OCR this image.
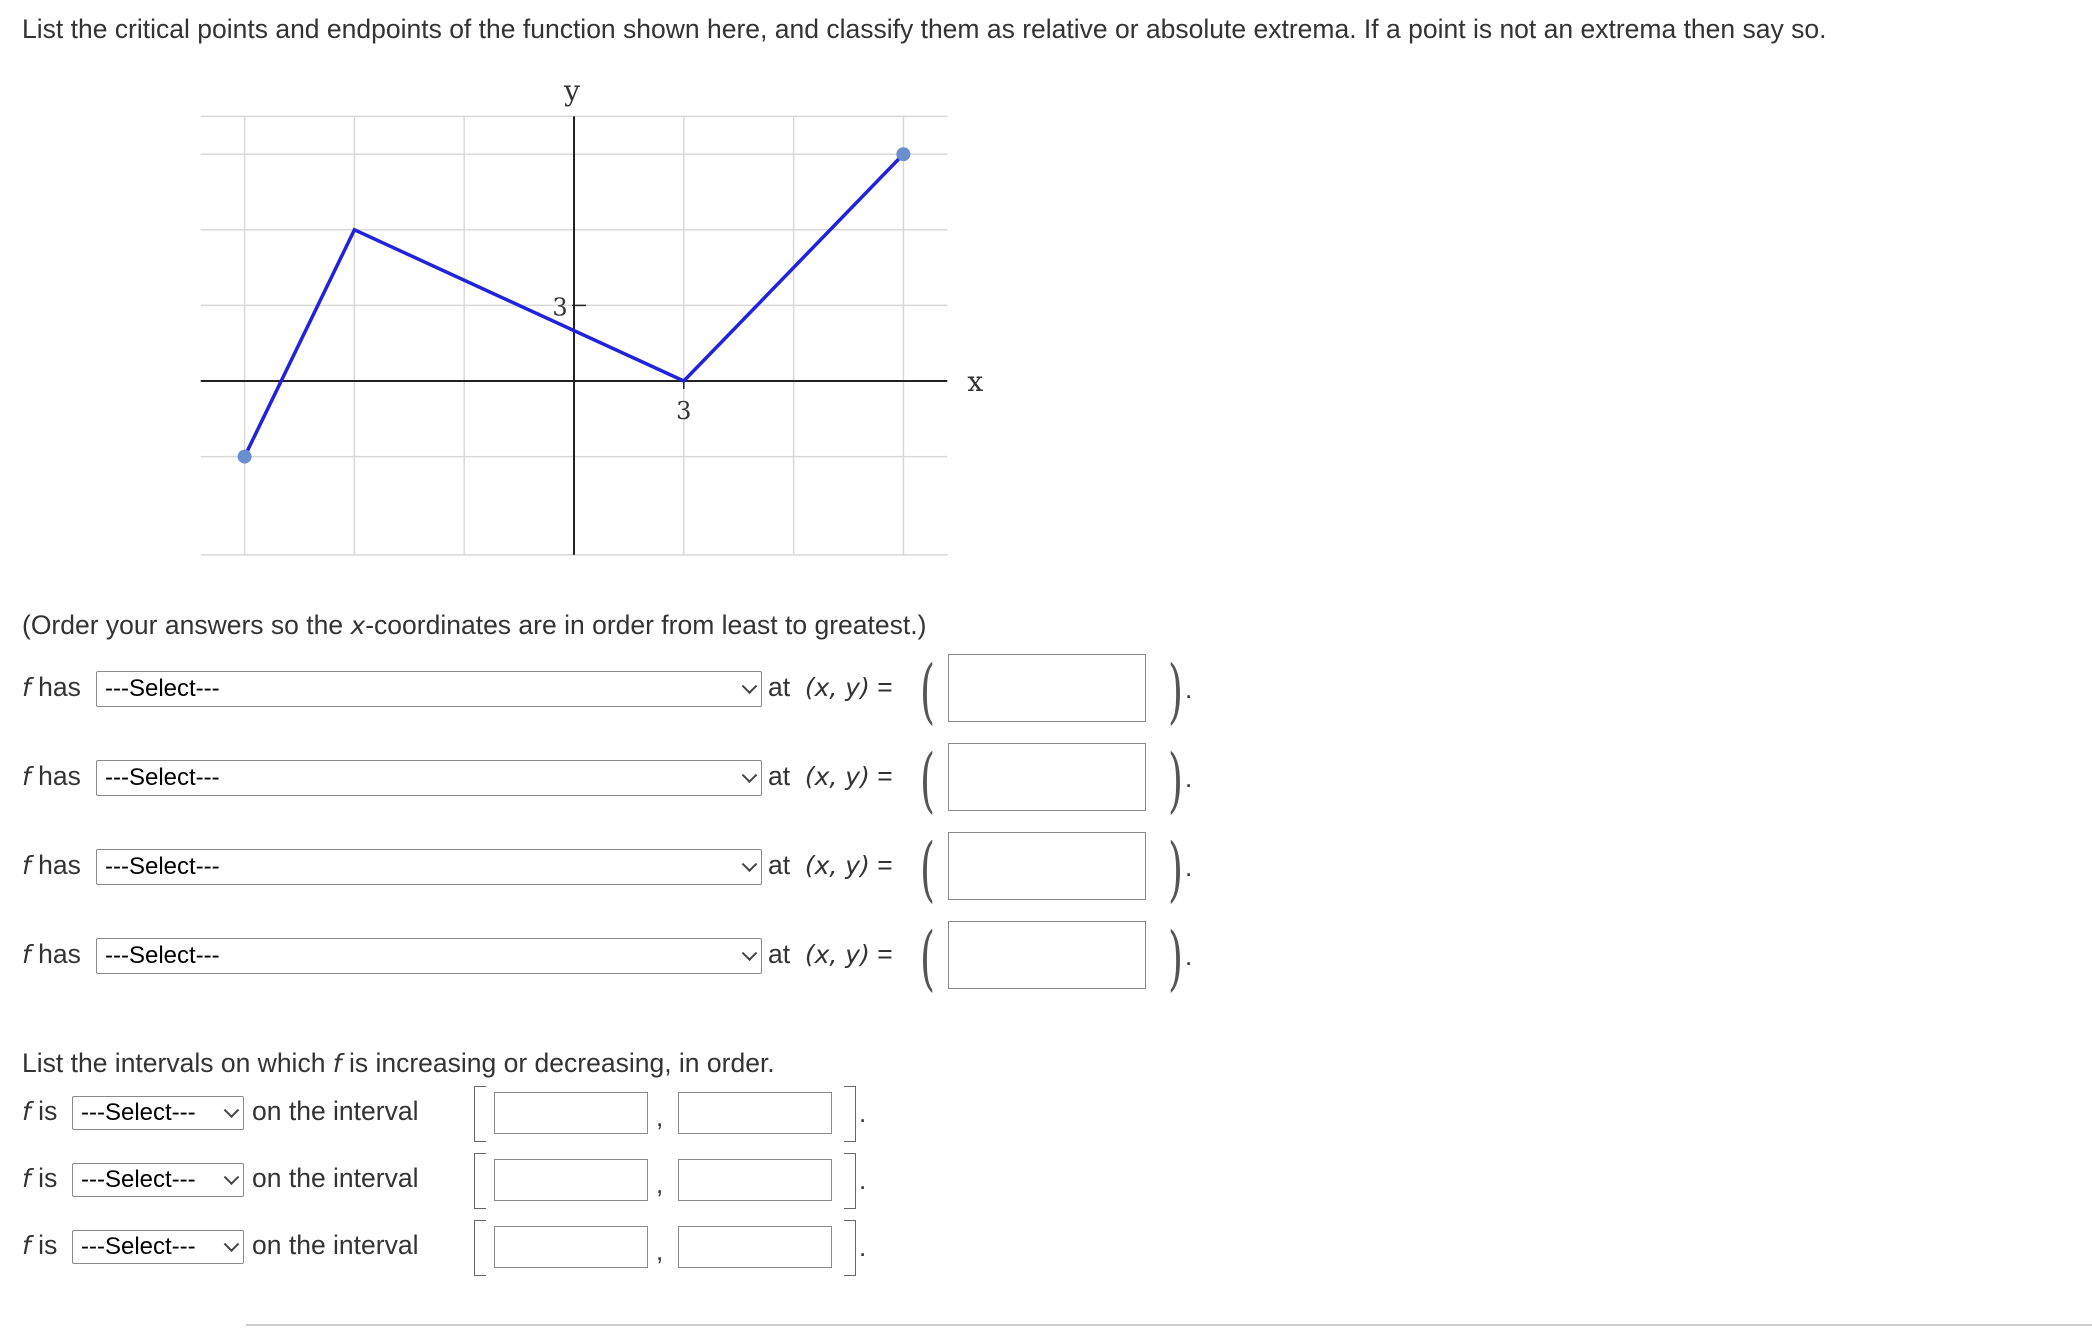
List the critical points and endpoints of the function shown here, and classify them as relative or absolute extrema. If a point is not an extrema then say so.
y
x
3
3
(Order your answers so the x-coordinates are in order from least to greatest.)
f has ---Select---	at (x, y) = (	) .
f has ---Select---	at (x, y) = (	) .
f has ---Select---	at (x, y) = (	) .
f has ---Select---	at (x, y) = (	) .
List the intervals on which f is increasing or decreasing, in order.
f is ---Select--- on the interval	,	.
f is ---Select--- on the interval	,	.
f is ---Select--- on the interval	,	.
